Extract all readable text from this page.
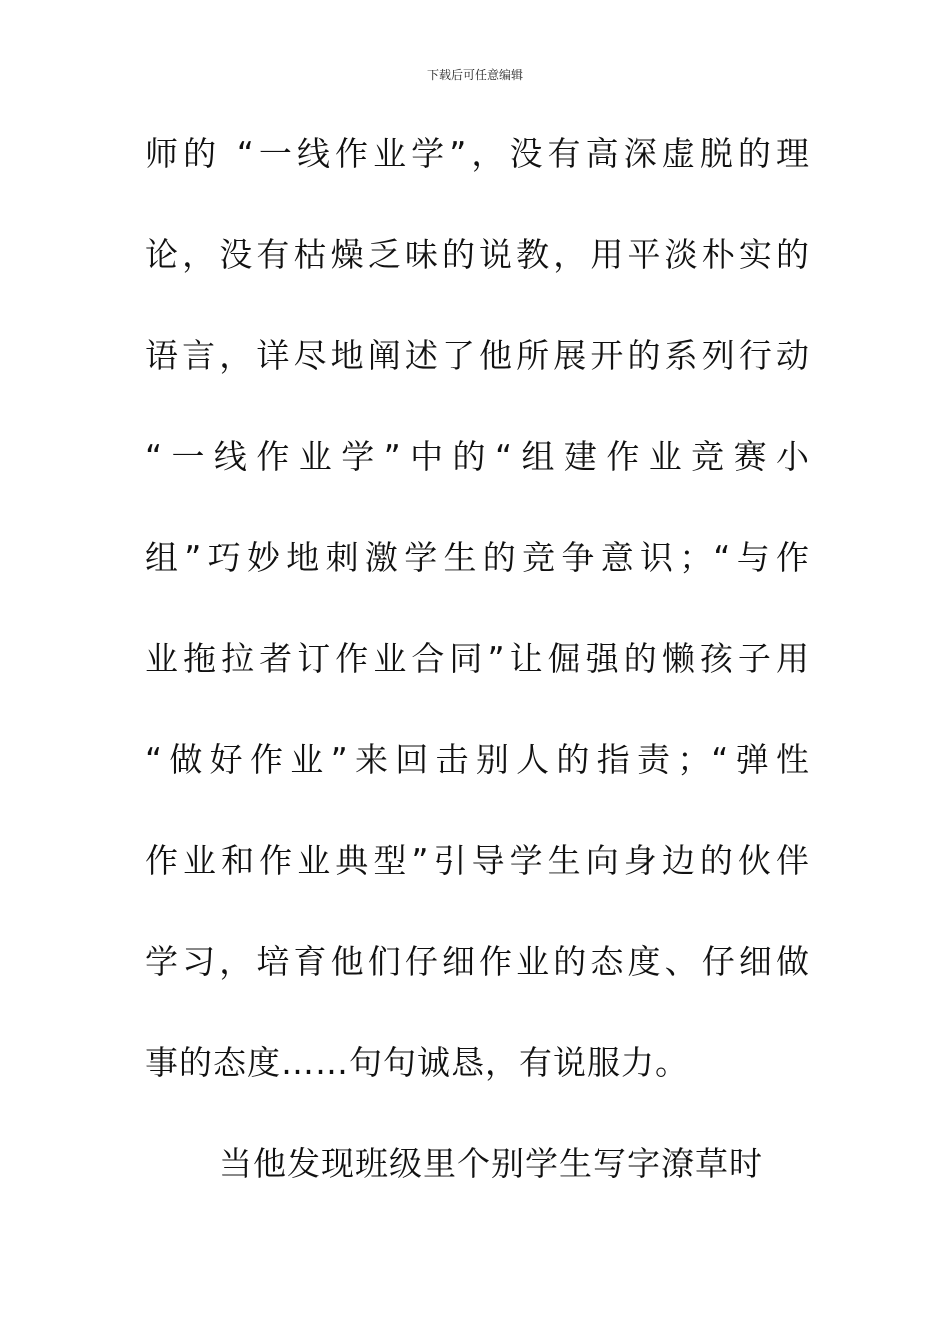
下载后可任意编辑
师的 “一线作业学”，没有高深虚脱的理
论，没有枯燥乏味的说教，用平淡朴实的
语言，详尽地阐述了他所展开的系列行动
“一线作业学”中的“组建作业竞赛小
组”巧妙地刺激学生的竞争意识；“与作
业拖拉者订作业合同”让倔强的懒孩子用
“做好作业”来回击别人的指责；“弹性
作业和作业典型”引导学生向身边的伙伴
学习，培育他们仔细作业的态度、仔细做
事的态度……句句诚恳，有说服力。
当他发现班级里个别学生写字潦草时
